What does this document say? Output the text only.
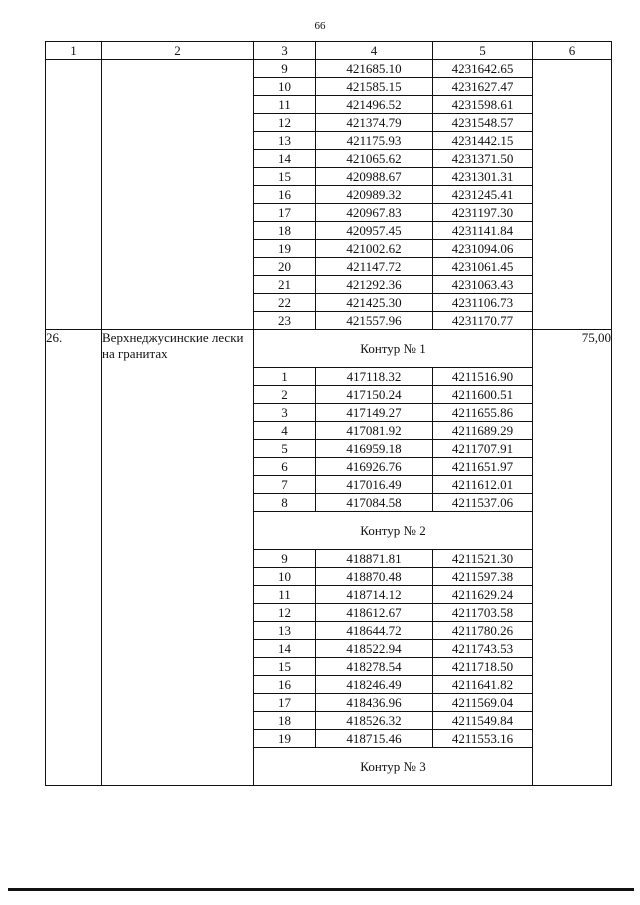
66
1	2	3	4	5	6
		9	421685.10	4231642.65	
		10	421585.15	4231627.47	
		11	421496.52	4231598.61	
		12	421374.79	4231548.57	
		13	421175.93	4231442.15	
		14	421065.62	4231371.50	
		15	420988.67	4231301.31	
		16	420989.32	4231245.41	
		17	420967.83	4231197.30	
		18	420957.45	4231141.84	
		19	421002.62	4231094.06	
		20	421147.72	4231061.45	
		21	421292.36	4231063.43	
		22	421425.30	4231106.73	
		23	421557.96	4231170.77	
26.	Верхнеджусинские лески на гранитах	Контур № 1			75,00
		1	417118.32	4211516.90	
		2	417150.24	4211600.51	
		3	417149.27	4211655.86	
		4	417081.92	4211689.29	
		5	416959.18	4211707.91	
		6	416926.76	4211651.97	
		7	417016.49	4211612.01	
		8	417084.58	4211537.06	
		Контур № 2			
		9	418871.81	4211521.30	
		10	418870.48	4211597.38	
		11	418714.12	4211629.24	
		12	418612.67	4211703.58	
		13	418644.72	4211780.26	
		14	418522.94	4211743.53	
		15	418278.54	4211718.50	
		16	418246.49	4211641.82	
		17	418436.96	4211569.04	
		18	418526.32	4211549.84	
		19	418715.46	4211553.16	
		Контур № 3			
